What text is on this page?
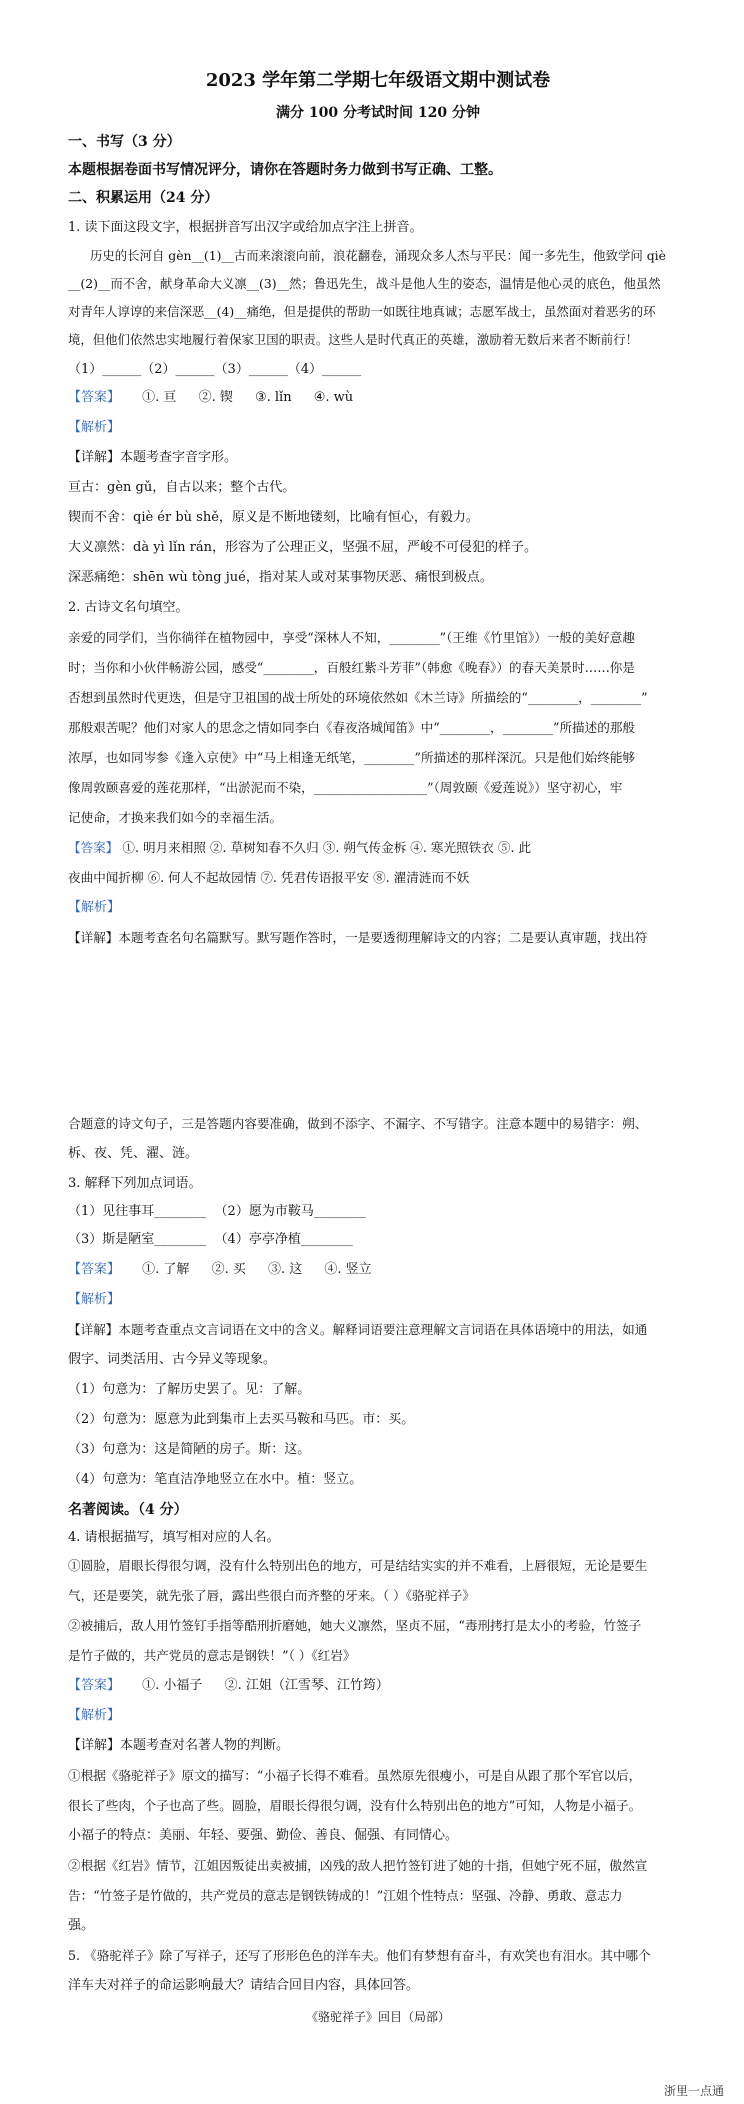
2023 学年第二学期七年级语文期中测试卷
满分 100 分考试时间 120 分钟
一、书写（3 分）
本题根据卷面书写情况评分，请你在答题时务力做到书写正确、工整。
二、积累运用（24 分）
1. 读下面这段文字，根据拼音写出汉字或给加点字注上拼音。
历史的长河自 gèn__(1)__古而来滚滚向前，浪花翻卷，涌现众多人杰与平民：闻一多先生，他致学问 qiè
__(2)__而不舍，献身革命大义凛__(3)__然；鲁迅先生，战斗是他人生的姿态，温情是他心灵的底色，他虽然
对青年人谆谆的来信深恶__(4)__痛绝，但是提供的帮助一如既往地真诚；志愿军战士，虽然面对着恶劣的环
境，但他们依然忠实地履行着保家卫国的职责。这些人是时代真正的英雄，激励着无数后来者不断前行！
（1）______（2）______（3）______（4）______
【答案】 ①. 亘 ②. 锲 ③. lǐn ④. wù
【解析】
【详解】本题考查字音字形。
亘古：gèn gǔ，自古以来；整个古代。
锲而不舍：qiè ér bù shě，原义是不断地镂刻，比喻有恒心，有毅力。
大义凛然：dà yì lǐn rán，形容为了公理正义，坚强不屈，严峻不可侵犯的样子。
深恶痛绝：shēn wù tòng jué，指对某人或对某事物厌恶、痛恨到极点。
2. 古诗文名句填空。
亲爱的同学们，当你徜徉在植物园中，享受“深林人不知，________”（王维《竹里馆》）一般的美好意趣
时；当你和小伙伴畅游公园，感受“________，百般红紫斗芳菲”（韩愈《晚春》）的春天美景时……你是
否想到虽然时代更迭，但是守卫祖国的战士所处的环境依然如《木兰诗》所描绘的“________，________”
那般艰苦呢？他们对家人的思念之情如同李白《春夜洛城闻笛》中“________，________”所描述的那般
浓厚，也如同岑参《逢入京使》中“马上相逢无纸笔，________”所描述的那样深沉。只是他们始终能够
像周敦颐喜爱的莲花那样，“出淤泥而不染，__________________”（周敦颐《爱莲说》）坚守初心，牢
记使命，才换来我们如今的幸福生活。
【答案】 ①. 明月来相照 ②. 草树知春不久归 ③. 朔气传金柝 ④. 寒光照铁衣 ⑤. 此
夜曲中闻折柳 ⑥. 何人不起故园情 ⑦. 凭君传语报平安 ⑧. 濯清涟而不妖
【解析】
【详解】本题考查名句名篇默写。默写题作答时，一是要透彻理解诗文的内容；二是要认真审题，找出符
合题意的诗文句子，三是答题内容要准确，做到不添字、不漏字、不写错字。注意本题中的易错字：朔、
柝、夜、凭、濯、涟。
3. 解释下列加点词语。
（1）见往事耳________ （2）愿为市鞍马________
（3）斯是陋室________ （4）亭亭净植________
【答案】 ①. 了解 ②. 买 ③. 这 ④. 竖立
【解析】
【详解】本题考查重点文言词语在文中的含义。解释词语要注意理解文言词语在具体语境中的用法，如通
假字、词类活用、古今异义等现象。
（1）句意为：了解历史罢了。见：了解。
（2）句意为：愿意为此到集市上去买马鞍和马匹。市：买。
（3）句意为：这是简陋的房子。斯：这。
（4）句意为：笔直洁净地竖立在水中。植：竖立。
名著阅读。（4 分）
4. 请根据描写，填写相对应的人名。
①圆脸，眉眼长得很匀调，没有什么特别出色的地方，可是结结实实的并不难看，上唇很短，无论是要生
气，还是要笑，就先张了唇，露出些很白而齐整的牙来。（ ）《骆驼祥子》
②被捕后，敌人用竹签钉手指等酷刑折磨她，她大义凛然，坚贞不屈，“毒刑拷打是太小的考验，竹签子
是竹子做的，共产党员的意志是钢铁！”（ ）《红岩》
【答案】 ①. 小福子 ②. 江姐（江雪琴、江竹筠）
【解析】
【详解】本题考查对名著人物的判断。
①根据《骆驼祥子》原文的描写：“小福子长得不难看。虽然原先很瘦小，可是自从跟了那个军官以后，
很长了些肉，个子也高了些。圆脸，眉眼长得很匀调，没有什么特别出色的地方”可知，人物是小福子。
小福子的特点：美丽、年轻、要强、勤俭、善良、倔强、有同情心。
②根据《红岩》情节，江姐因叛徒出卖被捕，凶残的敌人把竹签钉进了她的十指，但她宁死不屈，傲然宣
告：“竹签子是竹做的，共产党员的意志是钢铁铸成的！”江姐个性特点：坚强、冷静、勇敢、意志力
强。
5. 《骆驼祥子》除了写祥子，还写了形形色色的洋车夫。他们有梦想有奋斗，有欢笑也有泪水。其中哪个
洋车夫对祥子的命运影响最大？请结合回目内容，具体回答。
《骆驼祥子》回目（局部）
浙里一点通
